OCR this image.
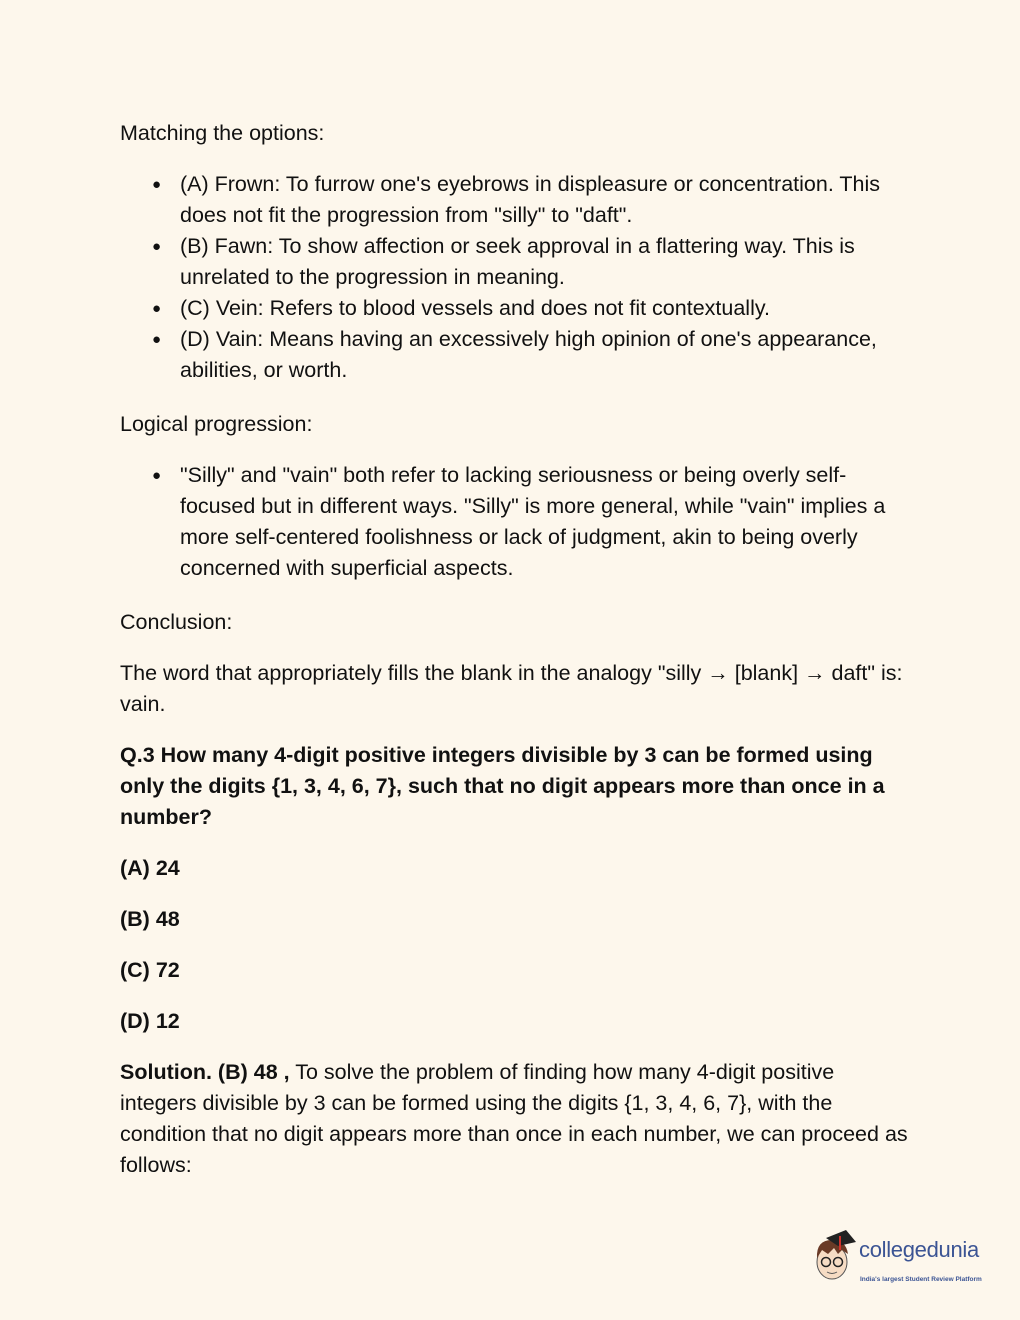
Matching the options:

● (A) Frown: To furrow one's eyebrows in displeasure or concentration. This does not fit the progression from "silly" to "daft".
● (B) Fawn: To show affection or seek approval in a flattering way. This is unrelated to the progression in meaning.
● (C) Vein: Refers to blood vessels and does not fit contextually.
● (D) Vain: Means having an excessively high opinion of one's appearance, abilities, or worth.

Logical progression:

● "Silly" and "vain" both refer to lacking seriousness or being overly self-focused but in different ways. "Silly" is more general, while "vain" implies a more self-centered foolishness or lack of judgment, akin to being overly concerned with superficial aspects.

Conclusion:

The word that appropriately fills the blank in the analogy "silly → [blank] → daft" is: vain.

Q.3 How many 4-digit positive integers divisible by 3 can be formed using only the digits {1, 3, 4, 6, 7}, such that no digit appears more than once in a number?

(A) 24

(B) 48

(C) 72

(D) 12

Solution. (B) 48 , To solve the problem of finding how many 4-digit positive integers divisible by 3 can be formed using the digits {1, 3, 4, 6, 7}, with the condition that no digit appears more than once in each number, we can proceed as follows:

collegedunia
India's largest Student Review Platform
